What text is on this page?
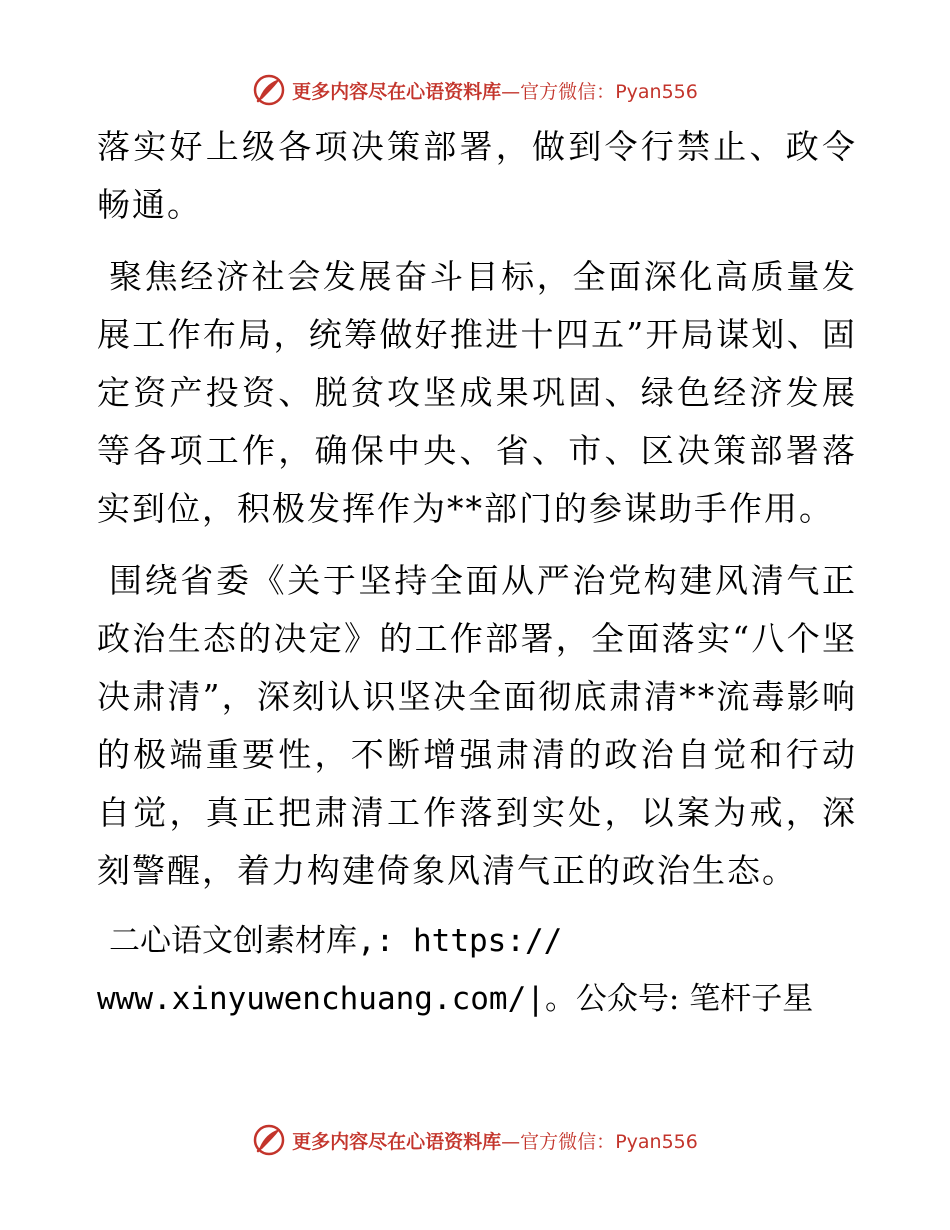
更多内容尽在心语资料库—官方微信：Pyan556

落实好上级各项决策部署，做到令行禁止、政令畅通。

聚焦经济社会发展奋斗目标，全面深化高质量发展工作布局，统筹做好推进十四五”开局谋划、固定资产投资、脱贫攻坚成果巩固、绿色经济发展等各项工作，确保中央、省、市、区决策部署落实到位，积极发挥作为**部门的参谋助手作用。

围绕省委《关于坚持全面从严治党构建风清气正政治生态的决定》的工作部署，全面落实“八个坚决肃清”，深刻认识坚决全面彻底肃清**流毒影响的极端重要性，不断增强肃清的政治自觉和行动自觉，真正把肃清工作落到实处，以案为戒，深刻警醒，着力构建倚象风清气正的政治生态。

二心语文创素材库,: https://
www.xinyuwenchuang.com/|。公众号: 笔杆子星
更多内容尽在心语资料库—官方微信：Pyan556
